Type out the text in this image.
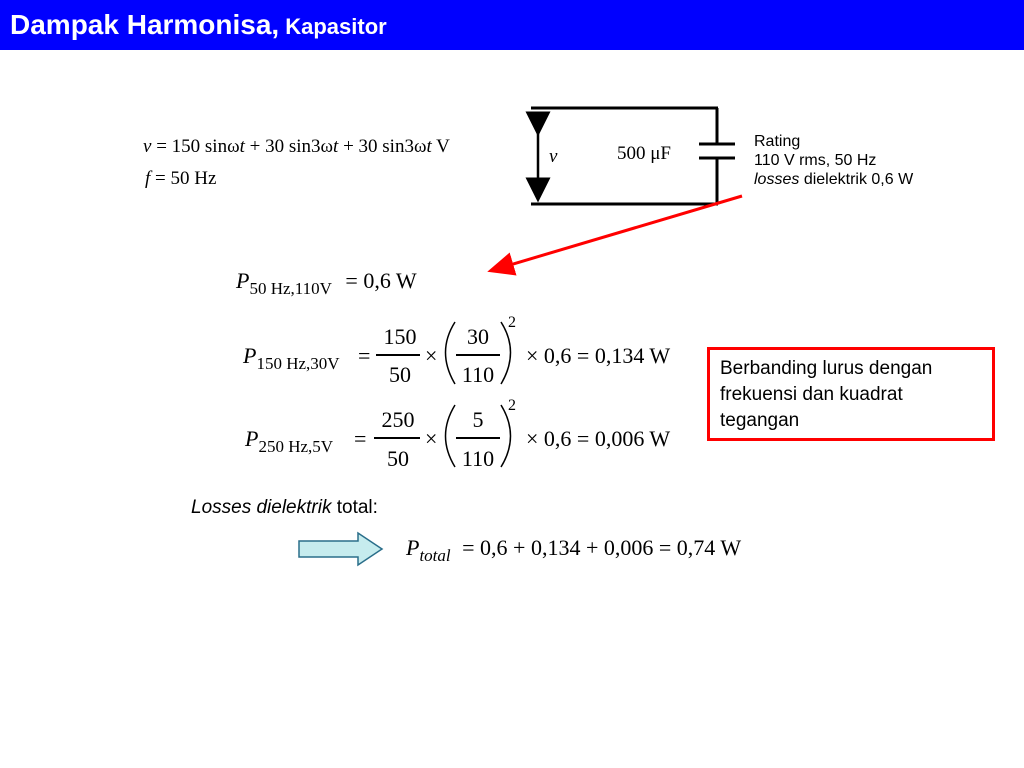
Dampak Harmonisa, Kapasitor
v = 150 sinωt + 30 sin3ωt + 30 sin3ωt V
f = 50 Hz
v	500 μF
Rating
110 V rms, 50 Hz
losses dielektrik 0,6 W
$P_{50 Hz,110V} = 0,6$ W
$P_{150 Hz,30V}$ =
150
50
×
30
110
2
× 0,6 = 0,134 W
$P_{250 Hz,5V}$ =
250
50
×
5
110
2
× 0,6 = 0,006 W
Berbanding lurus dengan
frekuensi dan kuadrat
tegangan
Losses dielektrik total:
$P_{total} = 0,6 + 0,134 + 0,006 = 0,74$ W
